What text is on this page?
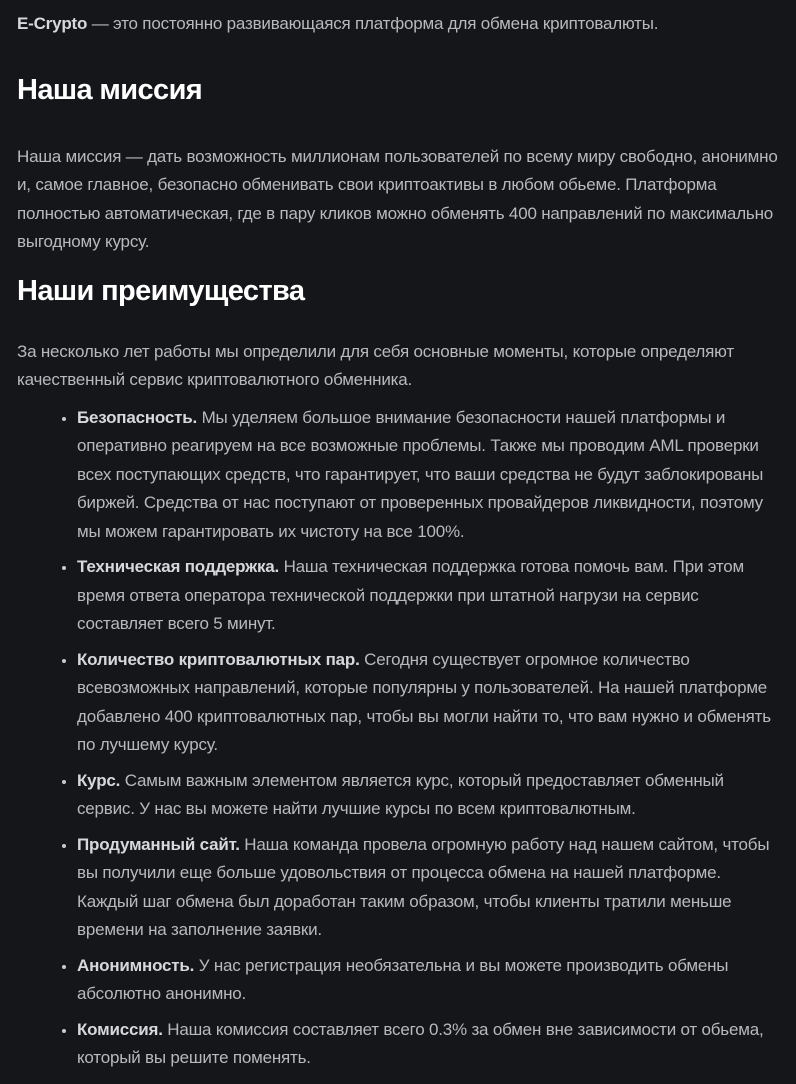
E-Crypto — это постоянно развивающаяся платформа для обмена криптовалюты.

Наша миссия

Наша миссия — дать возможность миллионам пользователей по всему миру свободно, анонимно и, самое главное, безопасно обменивать свои криптоактивы в любом обьеме. Платформа полностью автоматическая, где в пару кликов можно обменять 400 направлений по максимально выгодному курсу.

Наши преимущества

За несколько лет работы мы определили для себя основные моменты, которые определяют качественный сервис криптовалютного обменника.

• Безопасность. Мы уделяем большое внимание безопасности нашей платформы и оперативно реагируем на все возможные проблемы. Также мы проводим AML проверки всех поступающих средств, что гарантирует, что ваши средства не будут заблокированы биржей. Средства от нас поступают от проверенных провайдеров ликвидности, поэтому мы можем гарантировать их чистоту на все 100%.
• Техническая поддержка. Наша техническая поддержка готова помочь вам. При этом время ответа оператора технической поддержки при штатной нагрузи на сервис составляет всего 5 минут.
• Количество криптовалютных пар. Сегодня существует огромное количество всевозможных направлений, которые популярны у пользователей. На нашей платформе добавлено 400 криптовалютных пар, чтобы вы могли найти то, что вам нужно и обменять по лучшему курсу.
• Курс. Самым важным элементом является курс, который предоставляет обменный сервис. У нас вы можете найти лучшие курсы по всем криптовалютным.
• Продуманный сайт. Наша команда провела огромную работу над нашем сайтом, чтобы вы получили еще больше удовольствия от процесса обмена на нашей платформе. Каждый шаг обмена был доработан таким образом, чтобы клиенты тратили меньше времени на заполнение заявки.
• Анонимность. У нас регистрация необязательна и вы можете производить обмены абсолютно анонимно.
• Комиссия. Наша комиссия составляет всего 0.3% за обмен вне зависимости от обьема, который вы решите поменять.
